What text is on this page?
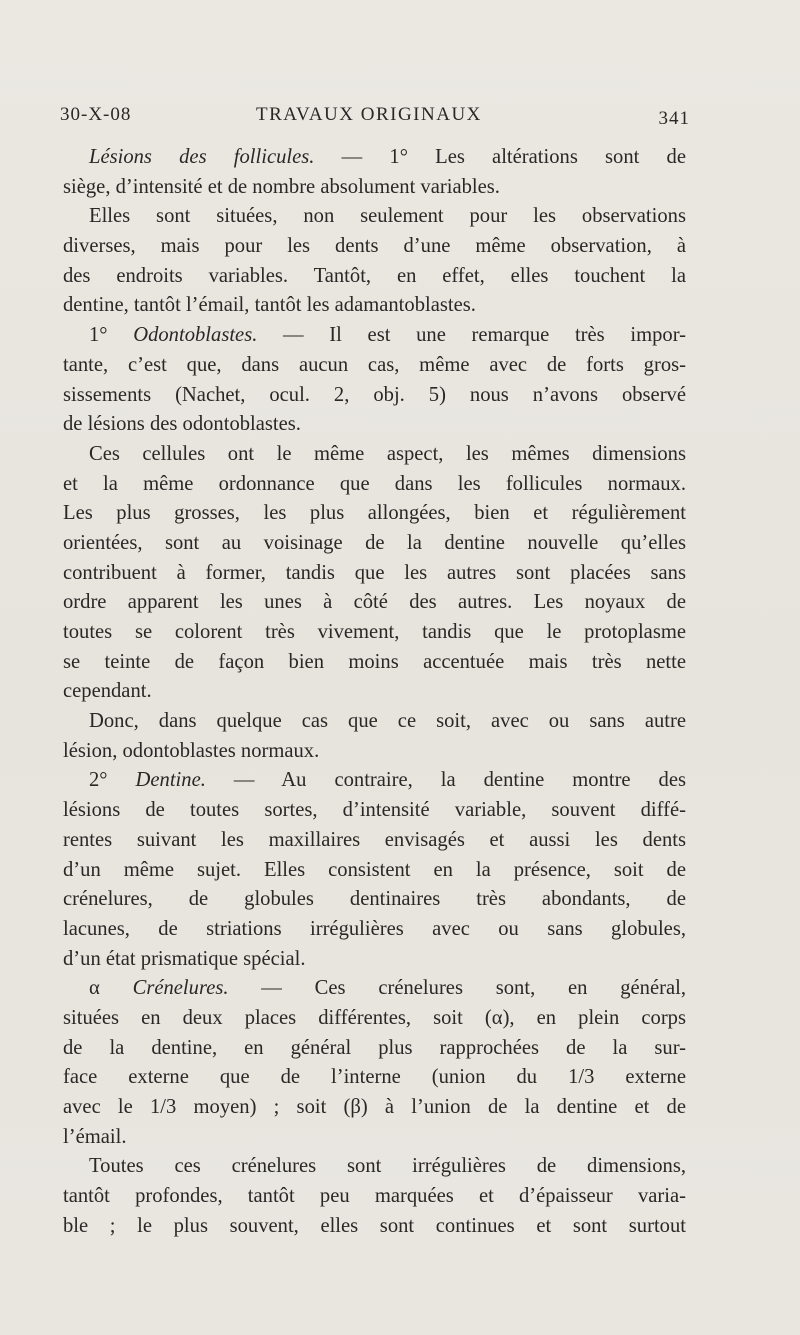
30-X-08	TRAVAUX ORIGINAUX	341
Lésions des follicules. — 1° Les altérations sont de
siège, d’intensité et de nombre absolument variables.
Elles sont situées, non seulement pour les observations
diverses, mais pour les dents d’une même observation, à
des endroits variables. Tantôt, en effet, elles touchent la
dentine, tantôt l’émail, tantôt les adamantoblastes.
1° Odontoblastes. — Il est une remarque très impor-
tante, c’est que, dans aucun cas, même avec de forts gros-
sissements (Nachet, ocul. 2, obj. 5) nous n’avons observé
de lésions des odontoblastes.
Ces cellules ont le même aspect, les mêmes dimensions
et la même ordonnance que dans les follicules normaux.
Les plus grosses, les plus allongées, bien et régulièrement
orientées, sont au voisinage de la dentine nouvelle qu’elles
contribuent à former, tandis que les autres sont placées sans
ordre apparent les unes à côté des autres. Les noyaux de
toutes se colorent très vivement, tandis que le protoplasme
se teinte de façon bien moins accentuée mais très nette
cependant.
Donc, dans quelque cas que ce soit, avec ou sans autre
lésion, odontoblastes normaux.
2° Dentine. — Au contraire, la dentine montre des
lésions de toutes sortes, d’intensité variable, souvent diffé-
rentes suivant les maxillaires envisagés et aussi les dents
d’un même sujet. Elles consistent en la présence, soit de
crénelures, de globules dentinaires très abondants, de
lacunes, de striations irrégulières avec ou sans globules,
d’un état prismatique spécial.
α Crénelures. — Ces crénelures sont, en général,
situées en deux places différentes, soit (α), en plein corps
de la dentine, en général plus rapprochées de la sur-
face externe que de l’interne (union du 1/3 externe
avec le 1/3 moyen) ; soit (β) à l’union de la dentine et de
l’émail.
Toutes ces crénelures sont irrégulières de dimensions,
tantôt profondes, tantôt peu marquées et d’épaisseur varia-
ble ; le plus souvent, elles sont continues et sont surtout
